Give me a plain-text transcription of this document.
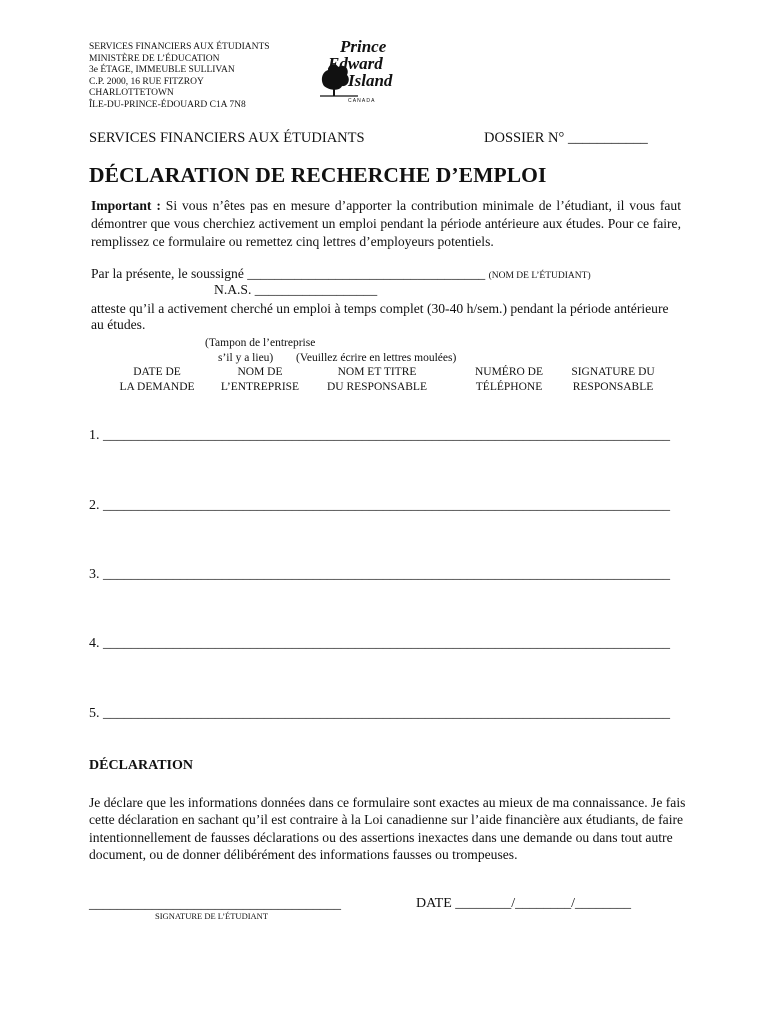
SERVICES FINANCIERS AUX ÉTUDIANTS
MINISTÈRE DE L’ÉDUCATION
3e ÉTAGE, IMMEUBLE SULLIVAN
C.P. 2000, 16 RUE FITZROY
CHARLOTTETOWN
ÎLE-DU-PRINCE-ÉDOUARD C1A 7N8
Prince
Edward
Island
C A N A D A
SERVICES FINANCIERS AUX ÉTUDIANTS	DOSSIER N° ___________
DÉCLARATION DE RECHERCHE D’EMPLOI
Important : Si vous n’êtes pas en mesure d’apporter la contribution minimale de l’étudiant, il vous faut démontrer que vous cherchiez activement un emploi pendant la période antérieure aux études. Pour ce faire, remplissez ce formulaire ou remettez cinq lettres d’employeurs potentiels.
Par la présente, le soussigné ___________________________________ (NOM DE L’ÉTUDIANT)
N.A.S. __________________
atteste qu’il a activement cherché un emploi à temps complet (30-40 h/sem.) pendant la période antérieure au études.
(Tampon de l’entreprise
s’il y a lieu) (Veuillez écrire en lettres moulées)
DATE DE
LA DEMANDE
NOM DE
L’ENTREPRISE
NOM ET TITRE
DU RESPONSABLE
NUMÉRO DE
TÉLÉPHONE
SIGNATURE DU
RESPONSABLE
1. _________________________________________________________________________________
2. _________________________________________________________________________________
3. _________________________________________________________________________________
4. _________________________________________________________________________________
5. _________________________________________________________________________________
DÉCLARATION
Je déclare que les informations données dans ce formulaire sont exactes au mieux de ma connaissance. Je fais cette déclaration en sachant qu’il est contraire à la Loi canadienne sur l’aide financière aux étudiants, de faire intentionnellement de fausses déclarations ou des assertions inexactes dans une demande ou dans tout autre document, ou de donner délibérément des informations fausses ou trompeuses.
____________________________________
SIGNATURE DE L’ÉTUDIANT
DATE ________/________/________
